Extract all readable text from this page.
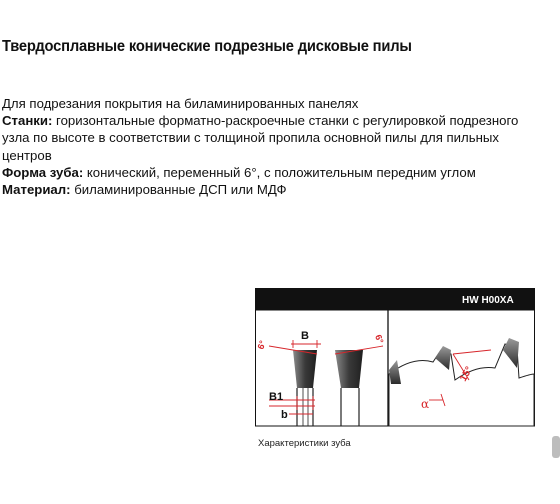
Твердосплавные конические подрезные дисковые пилы

Для подрезания покрытия на биламинированных панелях

Станки: горизонтальные форматно-раскроечные станки с регулировкой подрезного узла по высоте в соответствии с толщиной пропила основной пилы для пильных центров

Форма зуба: конический, переменный 6°, с положительным передним углом

Материал: биламинированные ДСП или МДФ

HW H00XA
6°
6°
B
B1
b
15°
α
Характеристики зуба
